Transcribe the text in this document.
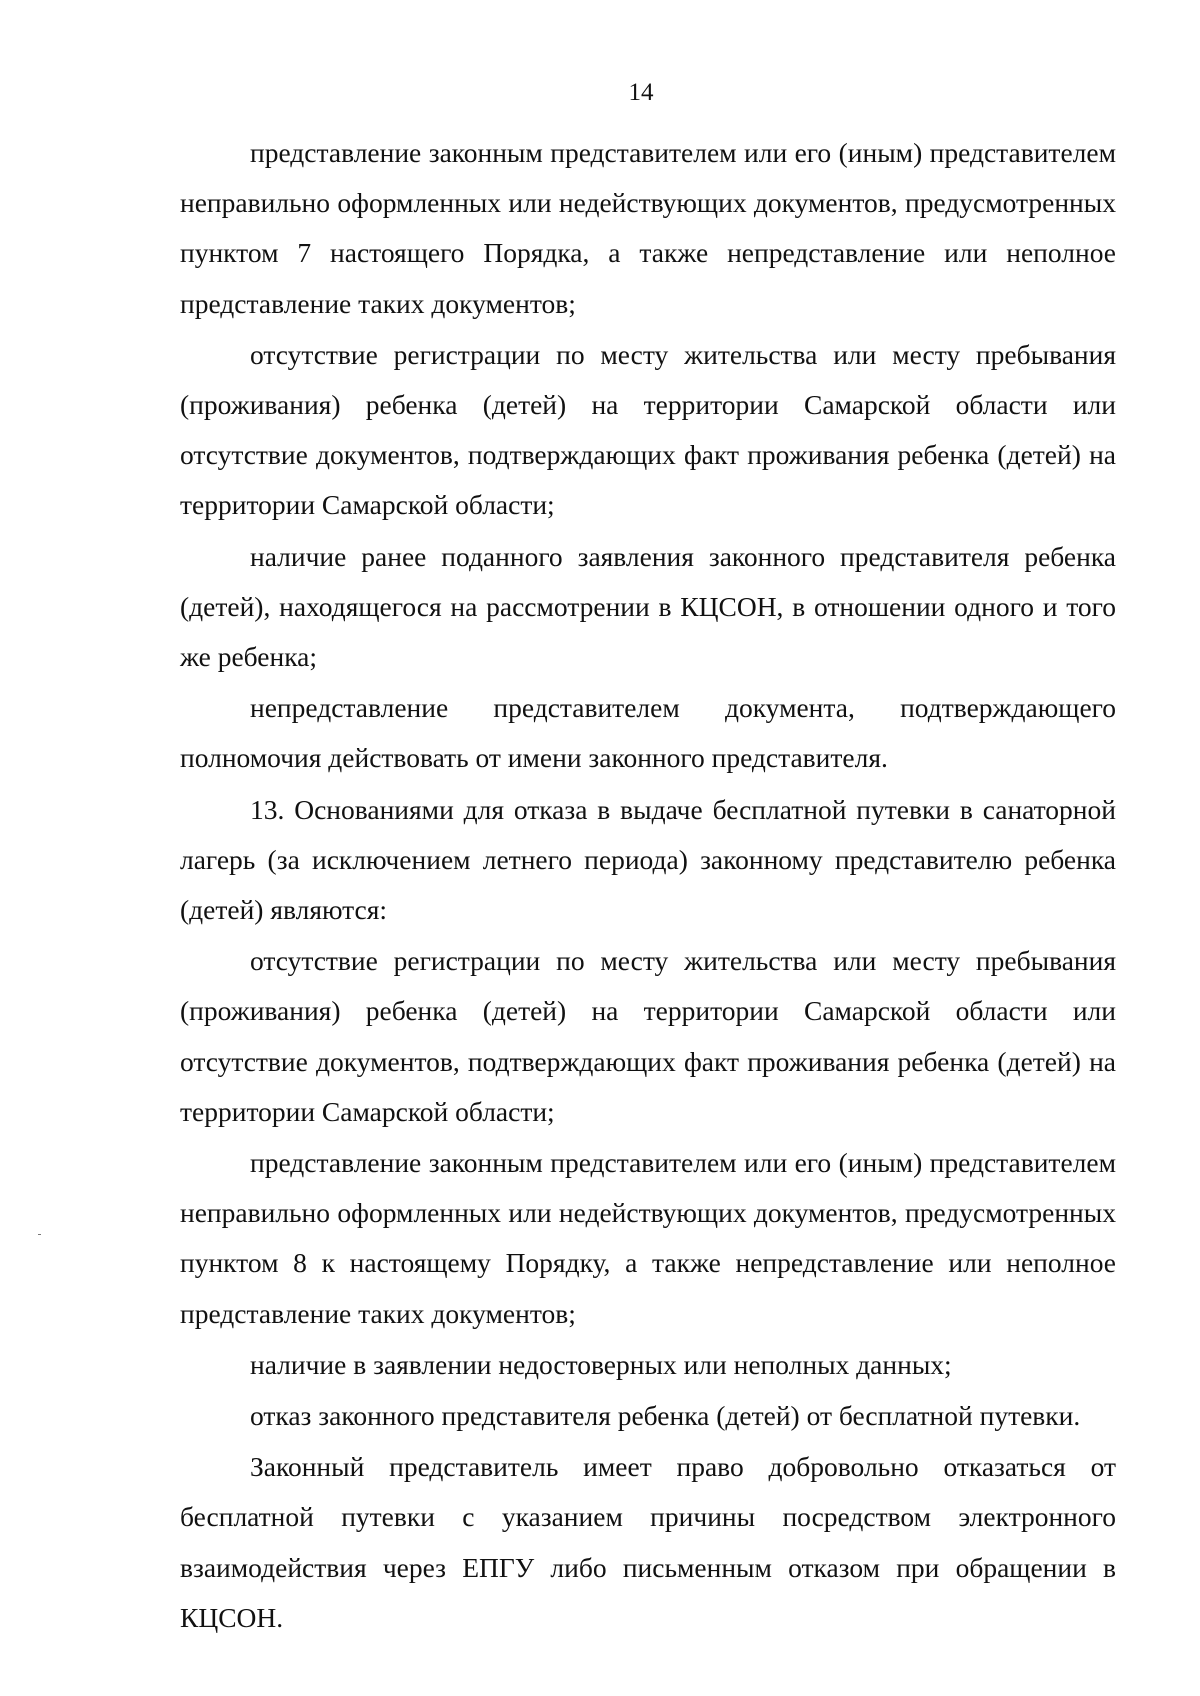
14

представление законным представителем или его (иным) представителем неправильно оформленных или недействующих документов, предусмотренных пунктом 7 настоящего Порядка, а также непредставление или неполное представление таких документов;

отсутствие регистрации по месту жительства или месту пребывания (проживания) ребенка (детей) на территории Самарской области или отсутствие документов, подтверждающих факт проживания ребенка (детей) на территории Самарской области;

наличие ранее поданного заявления законного представителя ребенка (детей), находящегося на рассмотрении в КЦСОН, в отношении одного и того же ребенка;

непредставление представителем документа, подтверждающего полномочия действовать от имени законного представителя.

13. Основаниями для отказа в выдаче бесплатной путевки в санаторной лагерь (за исключением летнего периода) законному представителю ребенка (детей) являются:

отсутствие регистрации по месту жительства или месту пребывания (проживания) ребенка (детей) на территории Самарской области или отсутствие документов, подтверждающих факт проживания ребенка (детей) на территории Самарской области;

представление законным представителем или его (иным) представителем неправильно оформленных или недействующих документов, предусмотренных пунктом 8 к настоящему Порядку, а также непредставление или неполное представление таких документов;

наличие в заявлении недостоверных или неполных данных;

отказ законного представителя ребенка (детей) от бесплатной путевки.

Законный представитель имеет право добровольно отказаться от бесплатной путевки с указанием причины посредством электронного взаимодействия через ЕПГУ либо письменным отказом при обращении в КЦСОН.
